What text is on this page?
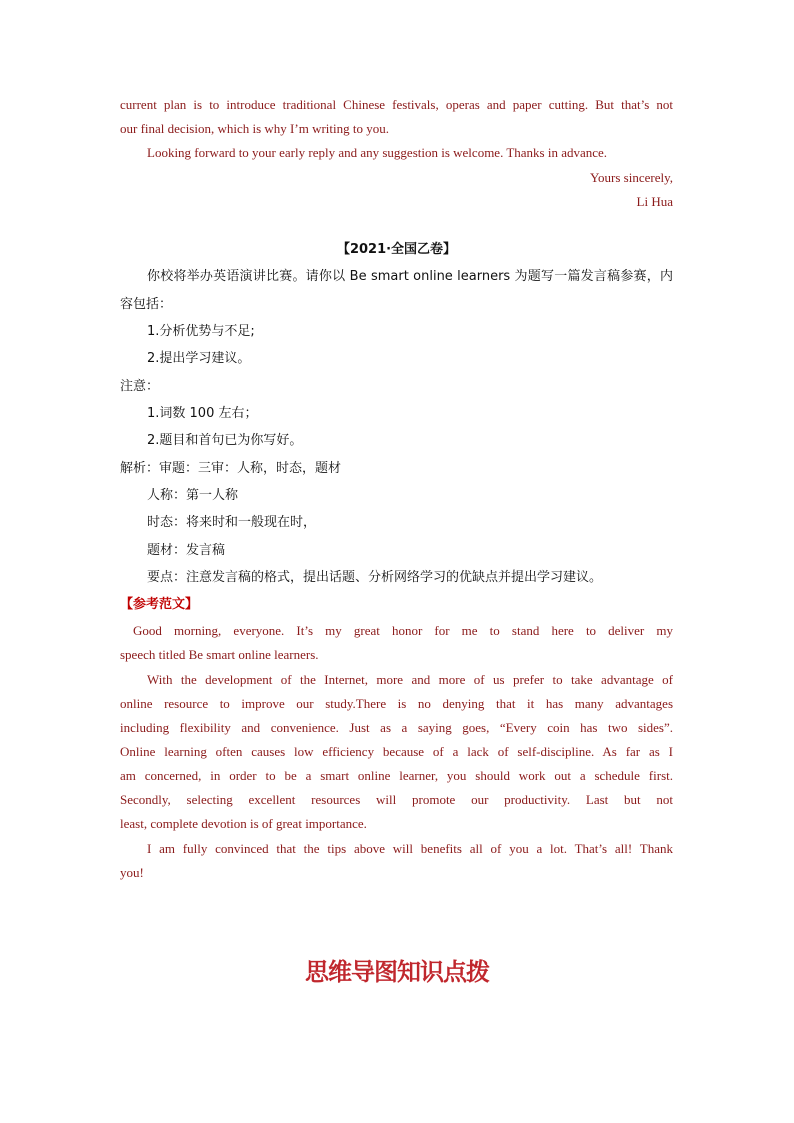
current plan is to introduce traditional Chinese festivals, operas and paper cutting. But that’s not
our final decision, which is why I’m writing to you.
Looking forward to your early reply and any suggestion is welcome. Thanks in advance.
Yours sincerely,
Li Hua
【2021·全国乙卷】
你校将举办英语演讲比赛。请你以 Be smart online learners 为题写一篇发言稿参赛，内
容包括：
1.分析优势与不足;
2.提出学习建议。
注意：
1.词数 100 左右；
2.题目和首句已为你写好。
解析：审题：三审：人称，时态，题材
人称：第一人称
时态：将来时和一般现在时，
题材：发言稿
要点：注意发言稿的格式，提出话题、分析网络学习的优缺点并提出学习建议。
【参考范文】
Good morning, everyone. It’s my great honor for me to stand here to deliver my
speech titled Be smart online learners.
With the development of the Internet, more and more of us prefer to take advantage of
online resource to improve our study.There is no denying that it has many advantages
including flexibility and convenience. Just as a saying goes, “Every coin has two sides”.
Online learning often causes low efficiency because of a lack of self-discipline. As far as I
am concerned, in order to be a smart online learner, you should work out a schedule first.
Secondly, selecting excellent resources will promote our productivity. Last but not
least, complete devotion is of great importance.
I am fully convinced that the tips above will benefits all of you a lot. That’s all! Thank
you!
思维导图知识点拨
